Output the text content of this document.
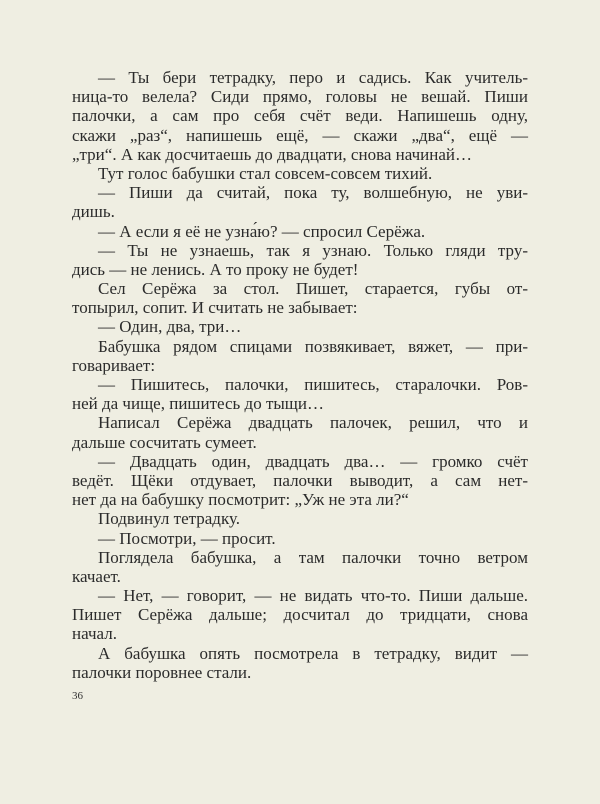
— Ты бери тетрадку, перо и садись. Как учитель-
ница-то велела? Сиди прямо, головы не вешай. Пиши
палочки, а сам про себя счёт веди. Напишешь одну,
скажи „раз“, напишешь ещё, — скажи „два“, ещё —
„три“. А как досчитаешь до двадцати, снова начинай…
Тут голос бабушки стал совсем-совсем тихий.
— Пиши да считай, пока ту, волшебную, не уви-
дишь.
— А если я её не узна́ю? — спросил Серёжа.
— Ты не узнаешь, так я узнаю. Только гляди тру-
дись — не ленись. А то проку не будет!
Сел Серёжа за стол. Пишет, старается, губы от-
топырил, сопит. И считать не забывает:
— Один, два, три…
Бабушка рядом спицами позвякивает, вяжет, — при-
говаривает:
— Пишитесь, палочки, пишитесь, старалочки. Ров-
ней да чище, пишитесь до тыщи…
Написал Серёжа двадцать палочек, решил, что и
дальше сосчитать сумеет.
— Двадцать один, двадцать два… — громко счёт
ведёт. Щёки отдувает, палочки выводит, а сам нет-
нет да на бабушку посмотрит: „Уж не эта ли?“
Подвинул тетрадку.
— Посмотри, — просит.
Поглядела бабушка, а там палочки точно ветром
качает.
— Нет, — говорит, — не видать что-то. Пиши дальше.
Пишет Серёжа дальше; досчитал до тридцати, снова
начал.
А бабушка опять посмотрела в тетрадку, видит —
палочки поровнее стали.
36
